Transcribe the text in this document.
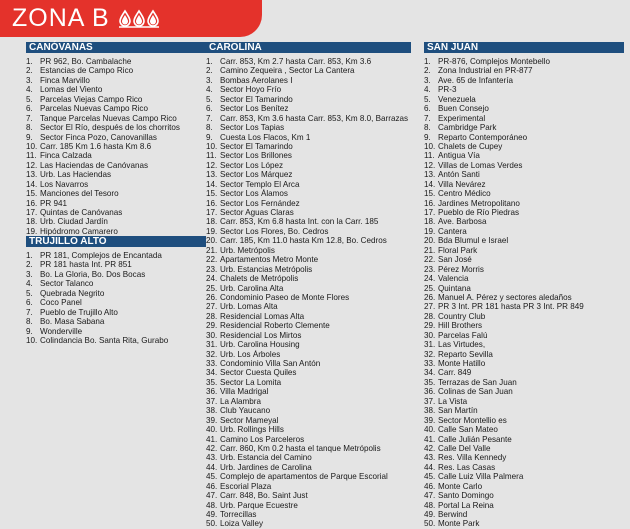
ZONA B
CANÓVANAS
1. PR 962, Bo. Cambalache
2. Estancias de Campo Rico
3. Finca Marvillo
4. Lomas del Viento
5. Parcelas Viejas Campo Rico
6. Parcelas Nuevas Campo Rico
7. Tanque Parcelas Nuevas Campo Rico
8. Sector El Río, después de los chorritos
9. Sector Finca Pozo, Canovanillas
10. Carr. 185 Km 1.6 hasta Km 8.6
11. Finca Calzada
12. Las Haciendas de Canóvanas
13. Urb. Las Haciendas
14. Los Navarros
15. Manciones del Tesoro
16. PR 941
17. Quintas de Canóvanas
18. Urb. Ciudad Jardín
19. Hipódromo Camarero
TRUJILLO ALTO
1. PR 181, Complejos de Encantada
2. PR 181 hasta Int. PR 851
3. Bo. La Gloria, Bo. Dos Bocas
4. Sector Talanco
5. Quebrada Negrito
6. Coco Panel
7. Pueblo de Trujillo Alto
8. Bo. Masa Sabana
9. Wonderville
10. Colindancia Bo. Santa Rita, Gurabo
CAROLINA
1. Carr. 853, Km 2.7 hasta Carr. 853, Km 3.6
2. Camino Zequeira , Sector La Cantera
3. Bombas Aerolanes I
4. Sector Hoyo Frío
5. Sector El Tamarindo
6. Sector Los Benítez
7. Carr. 853, Km 3.6 hasta Carr. 853, Km 8.0, Barrazas
8. Sector Los Tapias
9. Cuesta Los Flacos, Km 1
10. Sector El Tamarindo
11. Sector Los Brillones
12. Sector Los López
13. Sector Los Márquez
14. Sector Templo El Arca
15. Sector Los Álamos
16. Sector Los Fernández
17. Sector Aguas Claras
18. Carr. 853, Km 6.8 hasta Int. con la Carr. 185
19. Sector Los Flores, Bo. Cedros
20. Carr. 185, Km 11.0 hasta Km 12.8, Bo. Cedros
21. Urb. Metrópolis
22. Apartamentos Metro Monte
23. Urb. Estancias Metrópolis
24. Chalets de Metrópolis
25. Urb. Carolina Alta
26. Condominio Paseo de Monte Flores
27. Urb. Lomas Alta
28. Residencial Lomas Alta
29. Residencial Roberto Clemente
30. Residencial Los Mirtos
31. Urb. Carolina Housing
32. Urb. Los Árboles
33. Condominio Villa San Antón
34. Sector Cuesta Quiles
35. Sector La Lomita
36. Villa Madrigal
37. La Alambra
38. Club Yaucano
39. Sector Mameyal
40. Urb. Rollings Hills
41. Camino Los Parceleros
42. Carr. 860, Km 0.2 hasta el tanque Metrópolis
43. Urb. Estancia del Camino
44. Urb. Jardines de Carolina
45. Complejo de apartamentos de Parque Escorial
46. Escorial Plaza
47. Carr. 848, Bo. Saint Just
48. Urb. Parque Ecuestre
49. Torrecillas
50. Loiza Valley
SAN JUAN
1. PR-876, Complejos Montebello
2. Zona Industrial en PR-877
3. Ave. 65 de Infantería
4. PR-3
5. Venezuela
6. Buen Consejo
7. Experimental
8. Cambridge Park
9. Reparto Contemporáneo
10. Chalets de Cupey
11. Antigua Vía
12. Villas de Lomas Verdes
13. Antón Santi
14. Villa Nevárez
15. Centro Médico
16. Jardines Metropolitano
17. Pueblo de Río Piedras
18. Ave. Barbosa
19. Cantera
20. Bda Blumul e Israel
21. Floral Park
22. San José
23. Pérez Morris
24. Valencia
25. Quintana
26. Manuel A. Pérez y sectores aledaños
27. PR 3 Int. PR 181 hasta PR 3 Int. PR 849
28. Country Club
29. Hill Brothers
30. Parcelas Falú
31. Las Virtudes,
32. Reparto Sevilla
33. Monte Hatillo
34. Carr. 849
35. Terrazas de San Juan
36. Colinas de San Juan
37. La Vista
38. San Martín
39. Sector Montellio es
40. Calle San Mateo
41. Calle Julián Pesante
42. Calle Del Valle
43. Res. Villa Kennedy
44. Res. Las Casas
45. Calle Luiz Villa Palmera
46. Monte Carlo
47. Santo Domingo
48. Portal La Reina
49. Berwind
50. Monte Park
